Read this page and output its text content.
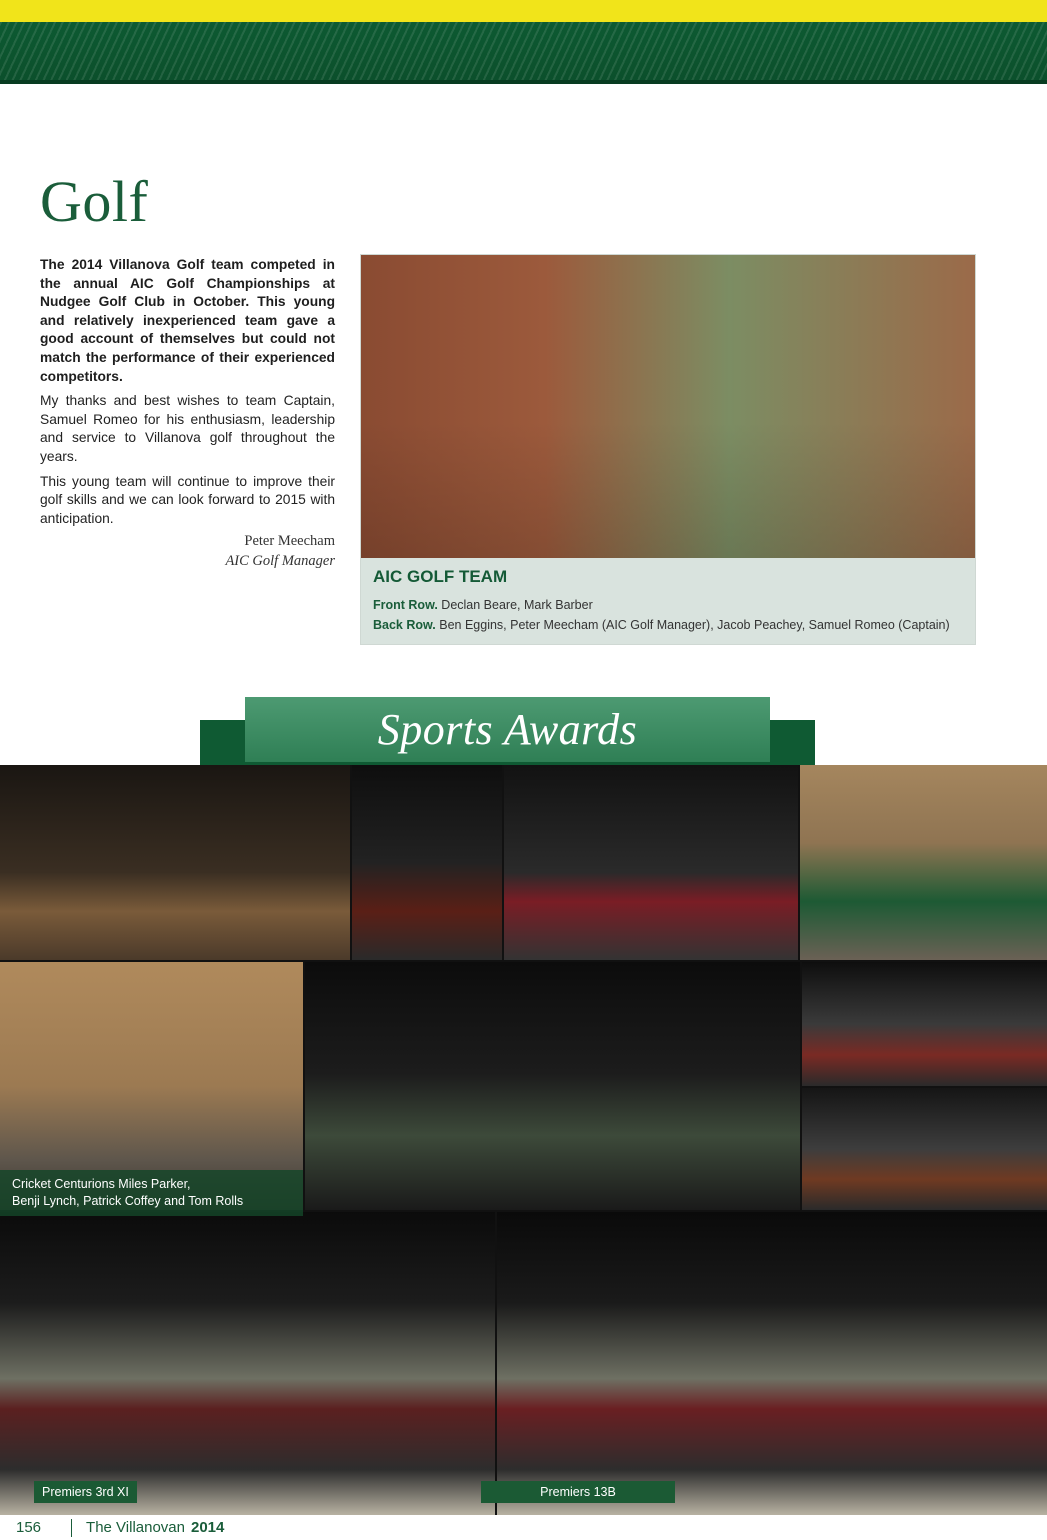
Golf

The 2014 Villanova Golf team competed in the annual AIC Golf Championships at Nudgee Golf Club in October. This young and relatively inexperienced team gave a good account of themselves but could not match the performance of their experienced competitors.

My thanks and best wishes to team Captain, Samuel Romeo for his enthusiasm, leadership and service to Villanova golf throughout the years.

This young team will continue to improve their golf skills and we can look forward to 2015 with anticipation.

Peter Meecham
AIC Golf Manager
AIC GOLF TEAM
Front Row. Declan Beare, Mark Barber
Back Row. Ben Eggins, Peter Meecham (AIC Golf Manager), Jacob Peachey, Samuel Romeo (Captain)
Sports Awards
Cricket Centurions Miles Parker,
Benji Lynch, Patrick Coffey and Tom Rolls
Premiers 3rd XI	Premiers 13B
156	The Villanovan 2014
